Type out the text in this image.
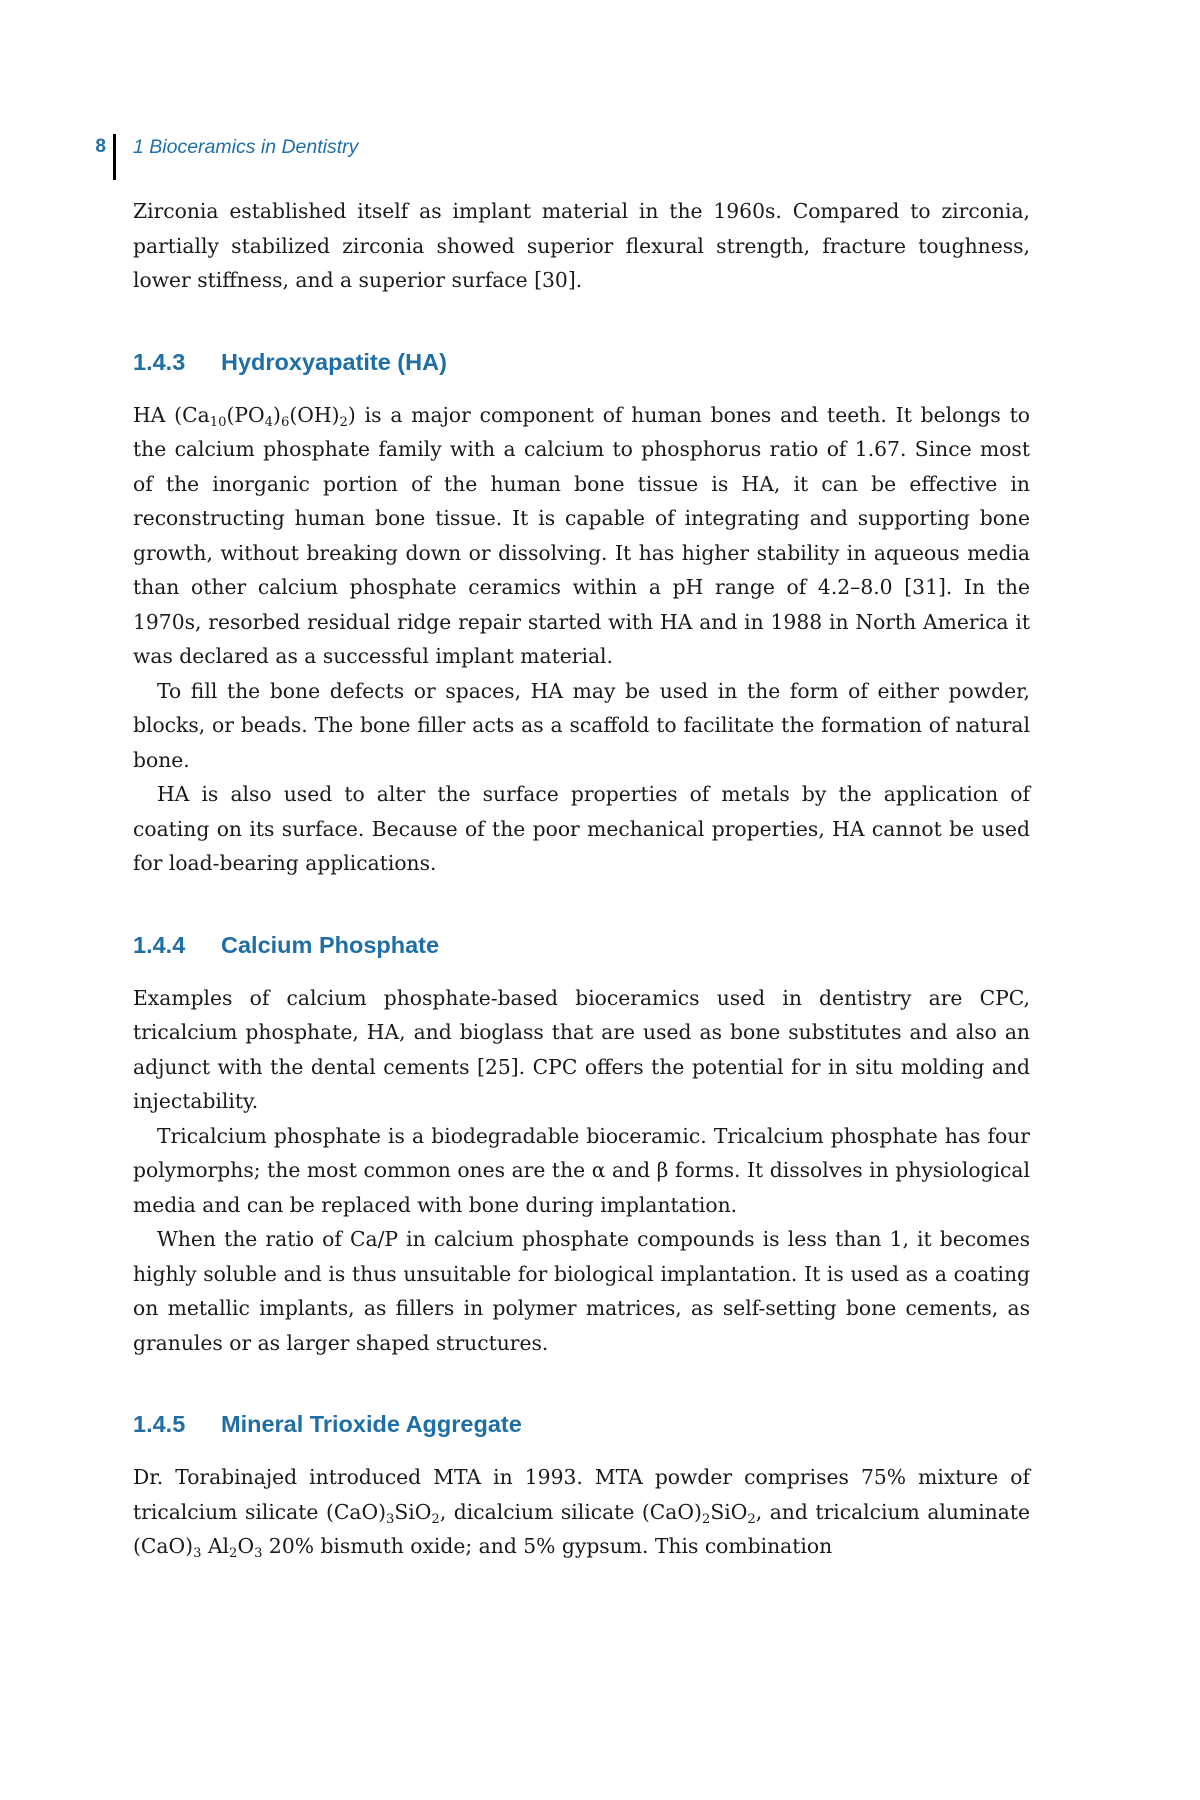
8 1 Bioceramics in Dentistry

Zirconia established itself as implant material in the 1960s. Compared to zirconia, partially stabilized zirconia showed superior flexural strength, fracture toughness, lower stiffness, and a superior surface [30].

1.4.3 Hydroxyapatite (HA)

HA $(Ca_{10}(PO_4)_6(OH)_2)$ is a major component of human bones and teeth. It belongs to the calcium phosphate family with a calcium to phosphorus ratio of 1.67. Since most of the inorganic portion of the human bone tissue is HA, it can be effective in reconstructing human bone tissue. It is capable of integrating and supporting bone growth, without breaking down or dissolving. It has higher stability in aqueous media than other calcium phosphate ceramics within a pH range of 4.2–8.0 [31]. In the 1970s, resorbed residual ridge repair started with HA and in 1988 in North America it was declared as a successful implant material.

To fill the bone defects or spaces, HA may be used in the form of either powder, blocks, or beads. The bone filler acts as a scaffold to facilitate the formation of natural bone.

HA is also used to alter the surface properties of metals by the application of coating on its surface. Because of the poor mechanical properties, HA cannot be used for load-bearing applications.

1.4.4 Calcium Phosphate

Examples of calcium phosphate-based bioceramics used in dentistry are CPC, tricalcium phosphate, HA, and bioglass that are used as bone substitutes and also an adjunct with the dental cements [25]. CPC offers the potential for in situ molding and injectability.

Tricalcium phosphate is a biodegradable bioceramic. Tricalcium phosphate has four polymorphs; the most common ones are the α and β forms. It dissolves in physiological media and can be replaced with bone during implantation.

When the ratio of Ca/P in calcium phosphate compounds is less than 1, it becomes highly soluble and is thus unsuitable for biological implantation. It is used as a coating on metallic implants, as fillers in polymer matrices, as self-setting bone cements, as granules or as larger shaped structures.

1.4.5 Mineral Trioxide Aggregate

Dr. Torabinajed introduced MTA in 1993. MTA powder comprises 75% mixture of tricalcium silicate $(CaO)_3SiO_2$, dicalcium silicate $(CaO)_2SiO_2$, and tricalcium aluminate $(CaO)_3$ $Al_2O_3$ 20% bismuth oxide; and 5% gypsum. This combination
